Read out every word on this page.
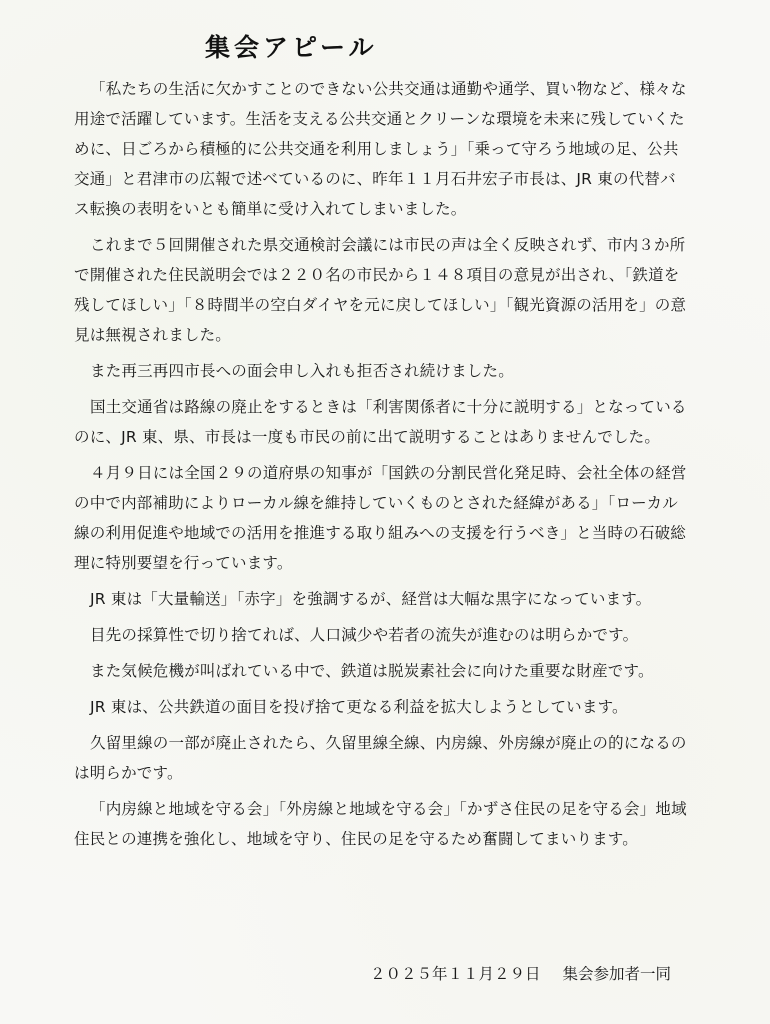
集会アピール
「私たちの生活に欠かすことのできない公共交通は通勤や通学、買い物など、様々な
用途で活躍しています。生活を支える公共交通とクリーンな環境を未来に残していくた
めに、日ごろから積極的に公共交通を利用しましょう」「乗って守ろう地域の足、公共
交通」と君津市の広報で述べているのに、昨年１１月石井宏子市長は、JR 東の代替バ
ス転換の表明をいとも簡単に受け入れてしまいました。
これまで５回開催された県交通検討会議には市民の声は全く反映されず、市内３か所
で開催された住民説明会では２２０名の市民から１４８項目の意見が出され、「鉄道を
残してほしい」「８時間半の空白ダイヤを元に戻してほしい」「観光資源の活用を」の意
見は無視されました。
また再三再四市長への面会申し入れも拒否され続けました。
国土交通省は路線の廃止をするときは「利害関係者に十分に説明する」となっている
のに、JR 東、県、市長は一度も市民の前に出て説明することはありませんでした。
４月９日には全国２９の道府県の知事が「国鉄の分割民営化発足時、会社全体の経営
の中で内部補助によりローカル線を維持していくものとされた経緯がある」「ローカル
線の利用促進や地域での活用を推進する取り組みへの支援を行うべき」と当時の石破総
理に特別要望を行っています。
JR 東は「大量輸送」「赤字」を強調するが、経営は大幅な黒字になっています。
目先の採算性で切り捨てれば、人口減少や若者の流失が進むのは明らかです。
また気候危機が叫ばれている中で、鉄道は脱炭素社会に向けた重要な財産です。
JR 東は、公共鉄道の面目を投げ捨て更なる利益を拡大しようとしています。
久留里線の一部が廃止されたら、久留里線全線、内房線、外房線が廃止の的になるの
は明らかです。
「内房線と地域を守る会」「外房線と地域を守る会」「かずさ住民の足を守る会」地域
住民との連携を強化し、地域を守り、住民の足を守るため奮闘してまいります。
２０２５年１１月２９日 集会参加者一同
